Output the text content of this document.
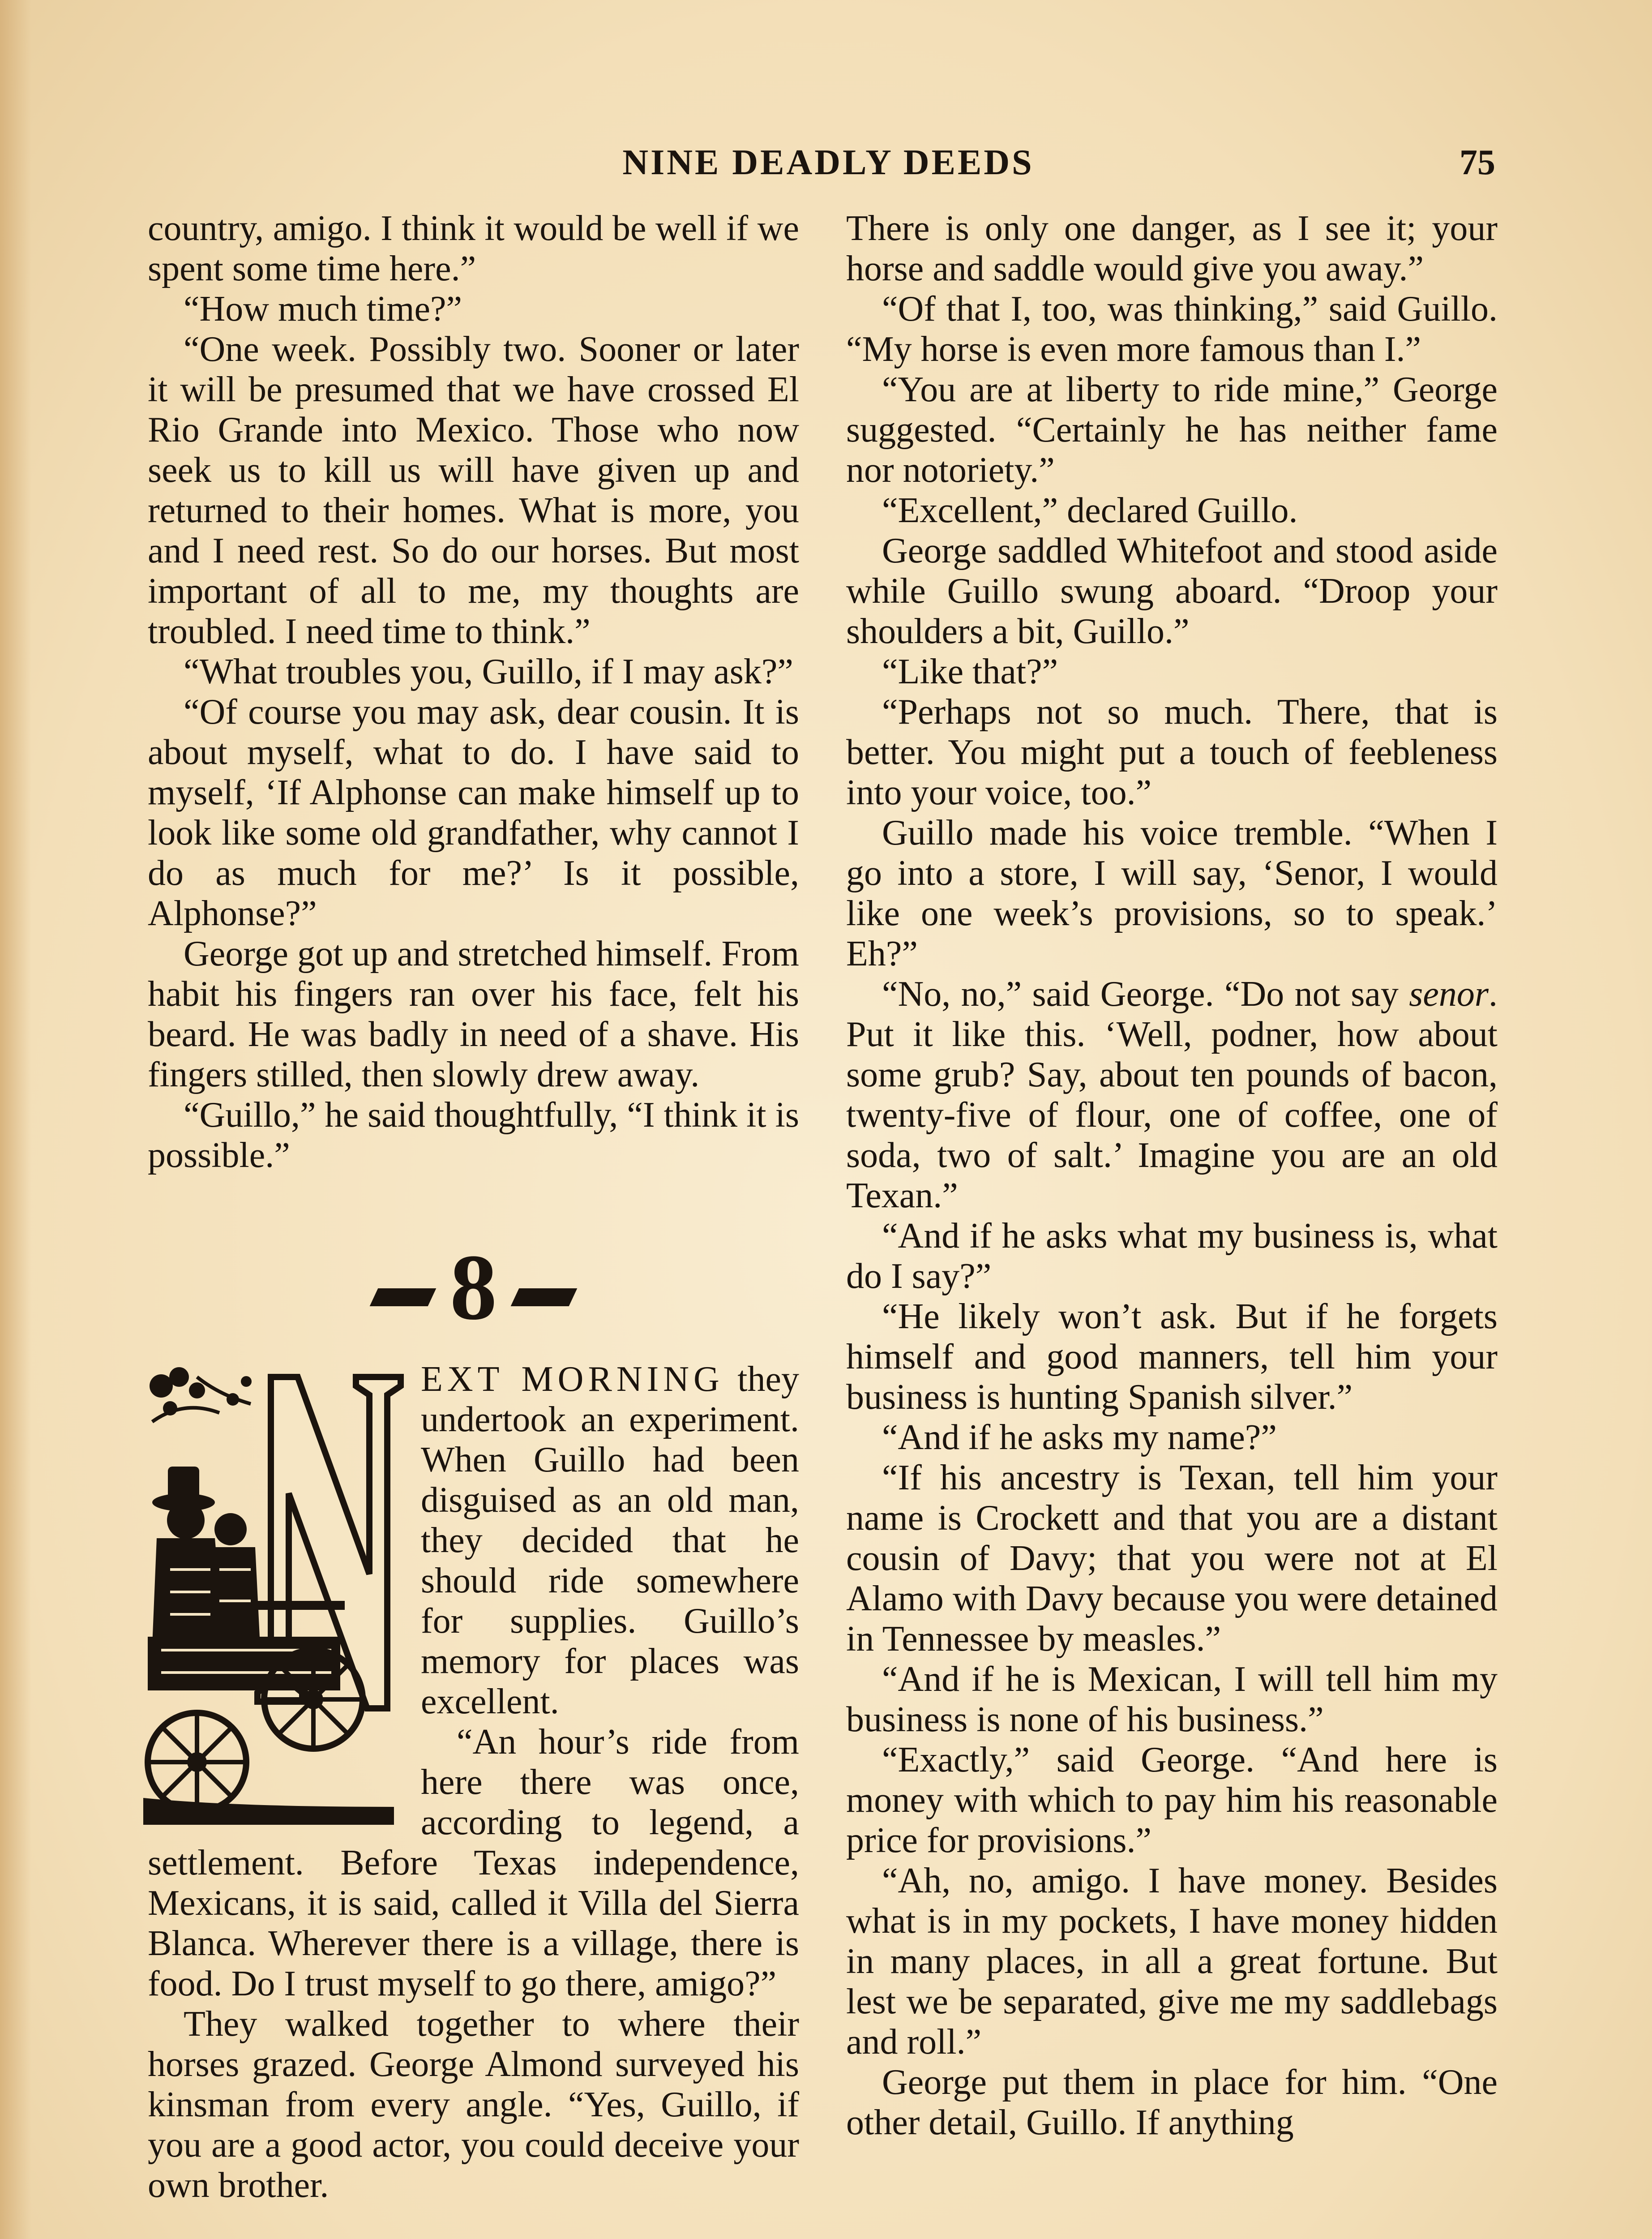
NINE DEADLY DEEDS	75

country, amigo. I think it would be well if we spent some time here.”

“How much time?”

“One week. Possibly two. Sooner or later it will be presumed that we have crossed El Rio Grande into Mexico. Those who now seek us to kill us will have given up and returned to their homes. What is more, you and I need rest. So do our horses. But most important of all to me, my thoughts are troubled. I need time to think.”

“What troubles you, Guillo, if I may ask?”

“Of course you may ask, dear cousin. It is about myself, what to do. I have said to myself, ‘If Alphonse can make himself up to look like some old grandfather, why cannot I do as much for me?’ Is it possible, Alphonse?”

George got up and stretched himself. From habit his fingers ran over his face, felt his beard. He was badly in need of a shave. His fingers stilled, then slowly drew away.

“Guillo,” he said thoughtfully, “I think it is possible.”

8
N

EXT MORNING they undertook an experiment. When Guillo had been disguised as an old man, they decided that he should ride somewhere for supplies. Guillo’s memory for places was excellent.

“An hour’s ride from here there was once, according to legend, a settlement. Before Texas independence, Mexicans, it is said, called it Villa del Sierra Blanca. Wherever there is a village, there is food. Do I trust myself to go there, amigo?”

They walked together to where their horses grazed. George Almond surveyed his kinsman from every angle. “Yes, Guillo, if you are a good actor, you could deceive your own brother.

There is only one danger, as I see it; your horse and saddle would give you away.”

“Of that I, too, was thinking,” said Guillo. “My horse is even more famous than I.”

“You are at liberty to ride mine,” George suggested. “Certainly he has neither fame nor notoriety.”

“Excellent,” declared Guillo.

George saddled Whitefoot and stood aside while Guillo swung aboard. “Droop your shoulders a bit, Guillo.”

“Like that?”

“Perhaps not so much. There, that is better. You might put a touch of feebleness into your voice, too.”

Guillo made his voice tremble. “When I go into a store, I will say, ‘Senor, I would like one week’s provisions, so to speak.’ Eh?”

“No, no,” said George. “Do not say senor. Put it like this. ‘Well, podner, how about some grub? Say, about ten pounds of bacon, twenty-five of flour, one of coffee, one of soda, two of salt.’ Imagine you are an old Texan.”

“And if he asks what my business is, what do I say?”

“He likely won’t ask. But if he forgets himself and good manners, tell him your business is hunting Spanish silver.”

“And if he asks my name?”

“If his ancestry is Texan, tell him your name is Crockett and that you are a distant cousin of Davy; that you were not at El Alamo with Davy because you were detained in Tennessee by measles.”

“And if he is Mexican, I will tell him my business is none of his business.”

“Exactly,” said George. “And here is money with which to pay him his reasonable price for provisions.”

“Ah, no, amigo. I have money. Besides what is in my pockets, I have money hidden in many places, in all a great fortune. But lest we be separated, give me my saddlebags and roll.”

George put them in place for him. “One other detail, Guillo. If anything
